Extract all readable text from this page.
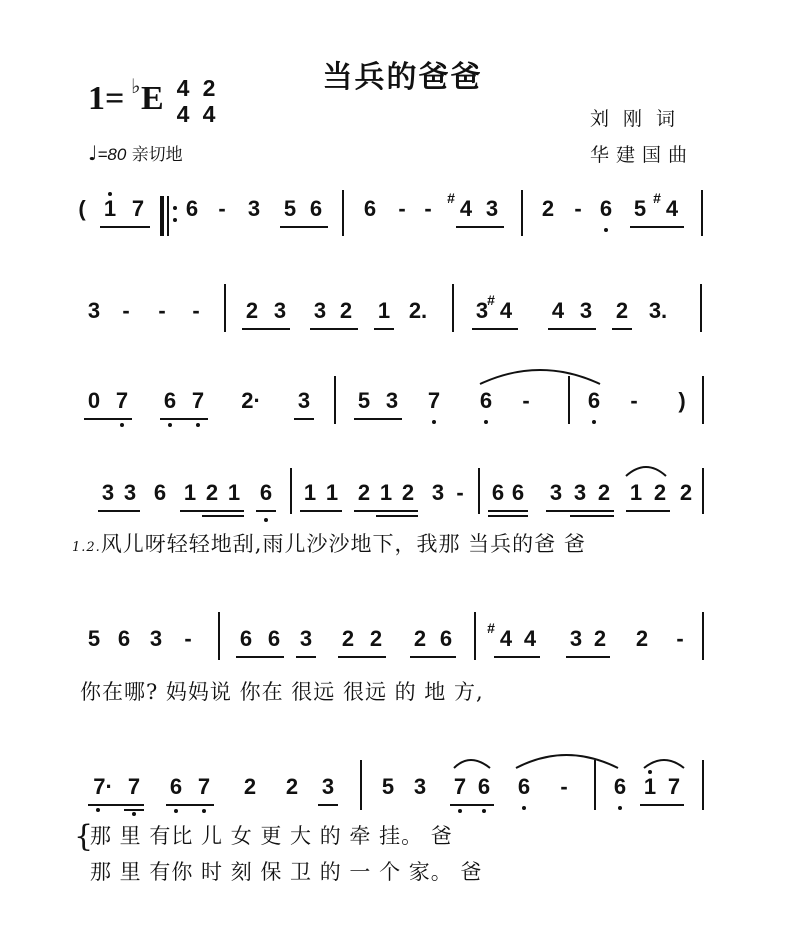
当兵的爸爸
1= ♭ E 4
4
2
4
♩=80 亲切地
刘刚词
华建国曲
( 1 7 6 - 3 5 6 6 - -	# 4 3 2 - 6 5 # 4
3 - - - 2 3 3 2 1 2. 3
# 4 4 3 2 3.
0 7 6 7 2· 3 5 3 7 6 -	6 - )
3 3 6 1 2 1 6 1 1 2 1 2 3 - 6 6 3 3 2 1 2 2
1.2.风儿呀轻轻地刮,雨儿沙沙地下，我那 当兵的爸 爸
5 6 3 - 6 6 3 2 2 2 6 # 4 4 3 2 2 -
你在哪? 妈妈说 你在 很远 很远 的 地 方,
7· 7 6 7 2 2 3 5 3 7 6 6 - 6 1 7
{
那 里 有比 儿 女 更 大 的 牵 挂。 爸
那 里 有你 时 刻 保 卫 的 一 个 家。 爸
